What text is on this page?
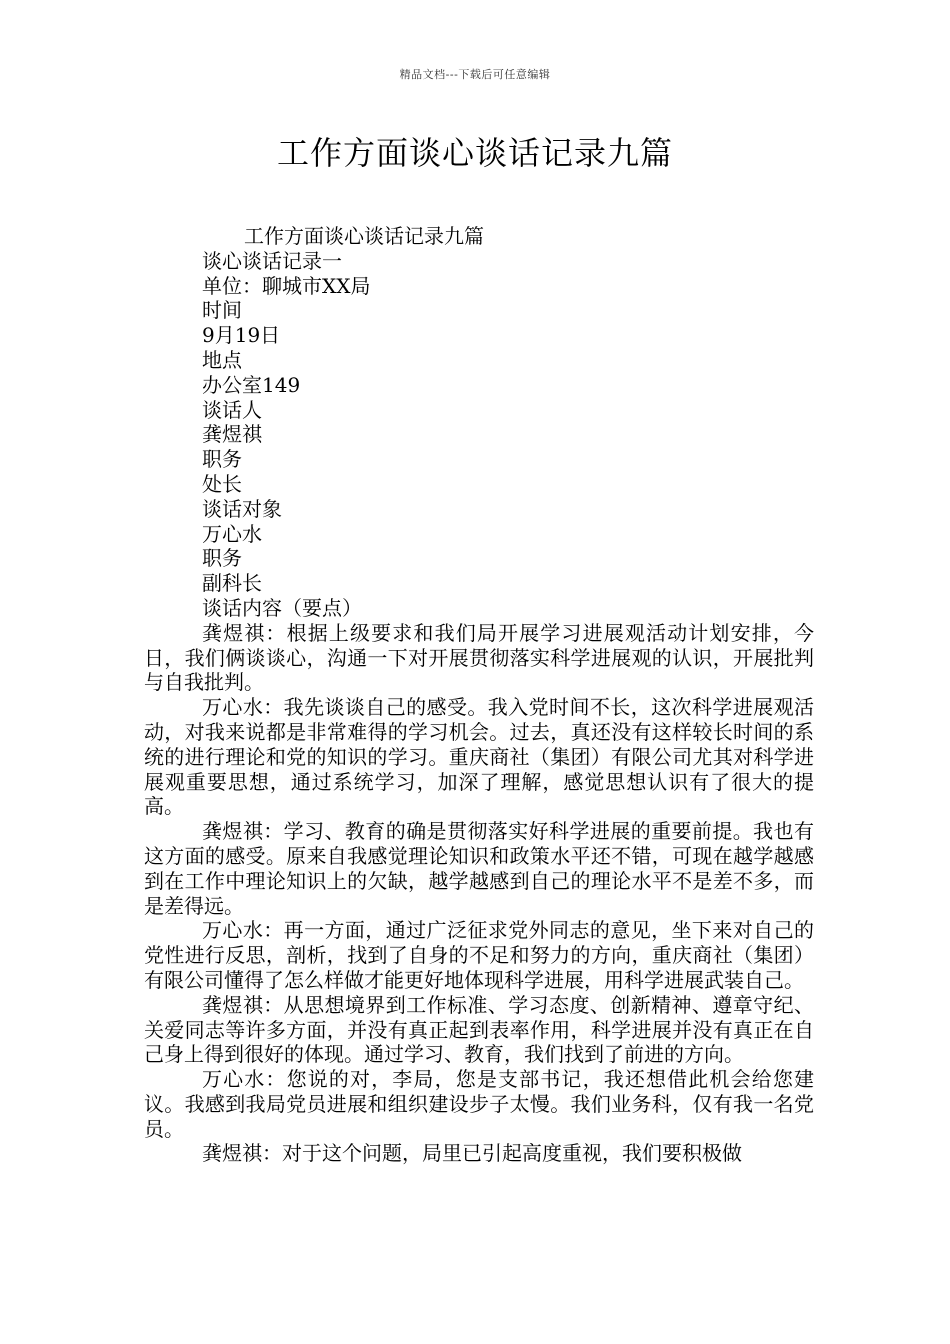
精品文档---下载后可任意编辑
工作方面谈心谈话记录九篇
工作方面谈心谈话记录九篇
谈心谈话记录一
单位：聊城市XX局
时间
9月19日
地点
办公室149
谈话人
龚煜祺
职务
处长
谈话对象
万心水
职务
副科长
谈话内容（要点）
龚煜祺：根据上级要求和我们局开展学习进展观活动计划安排，今日，我们俩谈谈心，沟通一下对开展贯彻落实科学进展观的认识，开展批判与自我批判。
万心水：我先谈谈自己的感受。我入党时间不长，这次科学进展观活动，对我来说都是非常难得的学习机会。过去，真还没有这样较长时间的系统的进行理论和党的知识的学习。重庆商社（集团）有限公司尤其对科学进展观重要思想，通过系统学习，加深了理解，感觉思想认识有了很大的提高。
龚煜祺：学习、教育的确是贯彻落实好科学进展的重要前提。我也有这方面的感受。原来自我感觉理论知识和政策水平还不错，可现在越学越感到在工作中理论知识上的欠缺，越学越感到自己的理论水平不是差不多，而是差得远。
万心水：再一方面，通过广泛征求党外同志的意见，坐下来对自己的党性进行反思，剖析，找到了自身的不足和努力的方向，重庆商社（集团）有限公司懂得了怎么样做才能更好地体现科学进展，用科学进展武装自己。
龚煜祺：从思想境界到工作标准、学习态度、创新精神、遵章守纪、关爱同志等许多方面，并没有真正起到表率作用，科学进展并没有真正在自己身上得到很好的体现。通过学习、教育，我们找到了前进的方向。
万心水：您说的对，李局，您是支部书记，我还想借此机会给您建议。我感到我局党员进展和组织建设步子太慢。我们业务科，仅有我一名党员。
龚煜祺：对于这个问题，局里已引起高度重视，我们要积极做
